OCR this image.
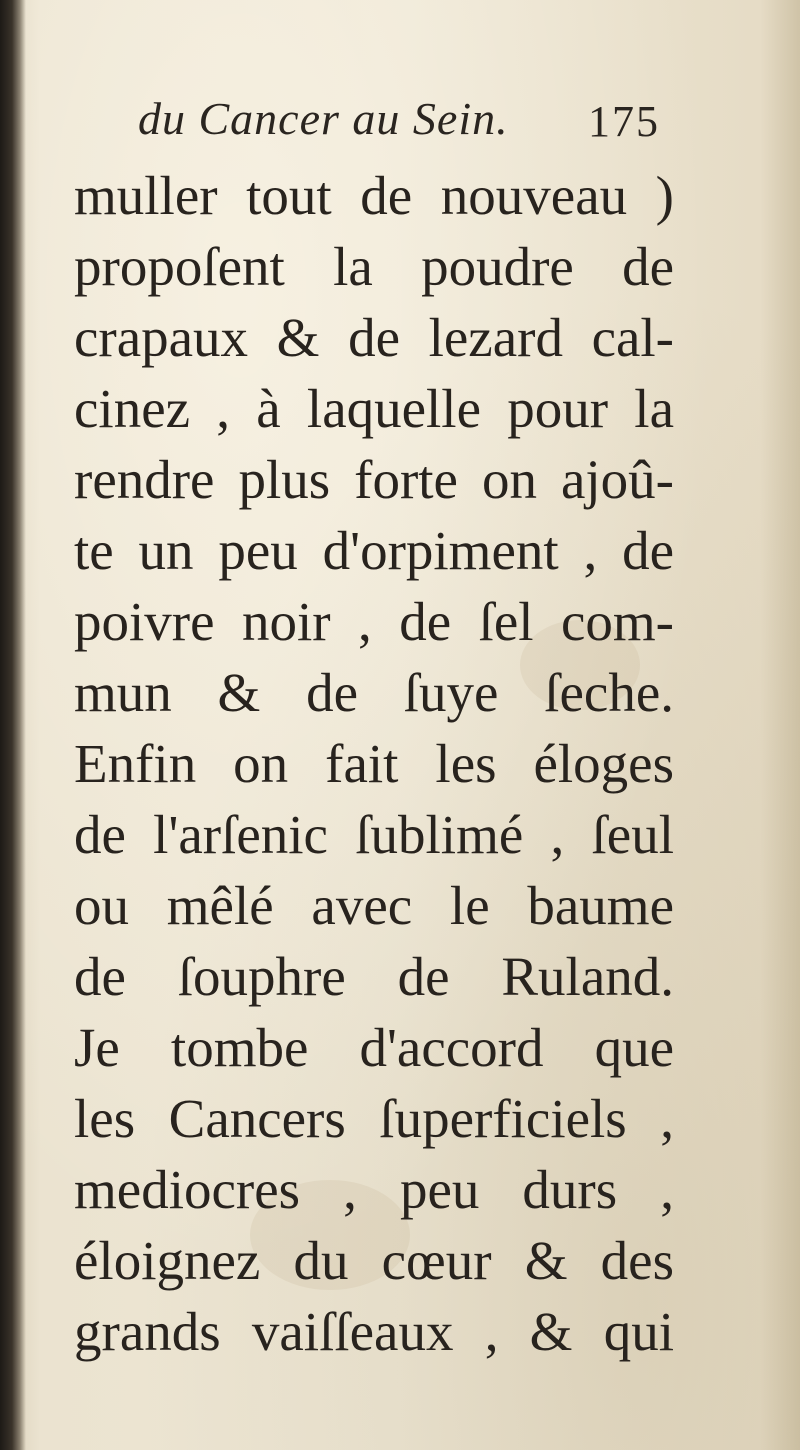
du Cancer au Sein. 175
muller tout de nouveau )
propoſent la poudre de
crapaux & de lezard cal-
cinez , à laquelle pour la
rendre plus forte on ajoû-
te un peu d'orpiment , de
poivre noir , de ſel com-
mun & de ſuye ſeche.
Enfin on fait les éloges
de l'arſenic ſublimé , ſeul
ou mêlé avec le baume
de ſouphre de Ruland.
Je tombe d'accord que
les Cancers ſuperficiels ,
mediocres , peu durs ,
éloignez du cœur & des
grands vaiſſeaux , & qui
